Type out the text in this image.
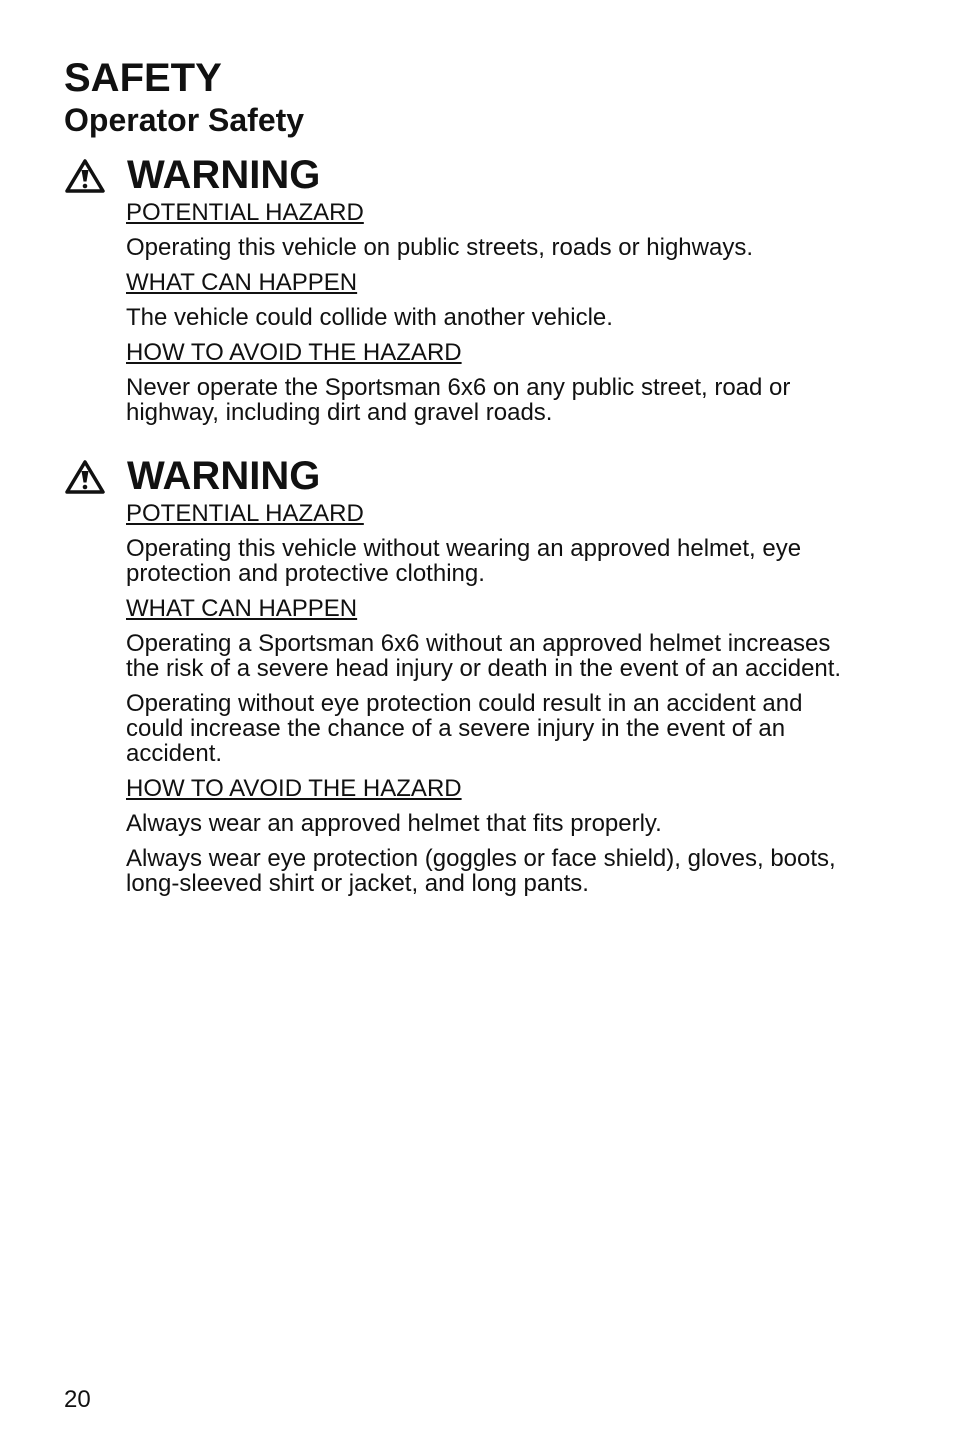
SAFETY
Operator Safety
WARNING

POTENTIAL HAZARD

Operating this vehicle on public streets, roads or highways.

WHAT CAN HAPPEN

The vehicle could collide with another vehicle.

HOW TO AVOID THE HAZARD

Never operate the Sportsman 6x6 on any public street, road or highway, including dirt and gravel roads.

WARNING

POTENTIAL HAZARD

Operating this vehicle without wearing an approved helmet, eye protection and protective clothing.

WHAT CAN HAPPEN

Operating a Sportsman 6x6 without an approved helmet increases the risk of a severe head injury or death in the event of an accident.

Operating without eye protection could result in an accident and could increase the chance of a severe injury in the event of an accident.

HOW TO AVOID THE HAZARD

Always wear an approved helmet that fits properly.

Always wear eye protection (goggles or face shield), gloves, boots, long-sleeved shirt or jacket, and long pants.

20
